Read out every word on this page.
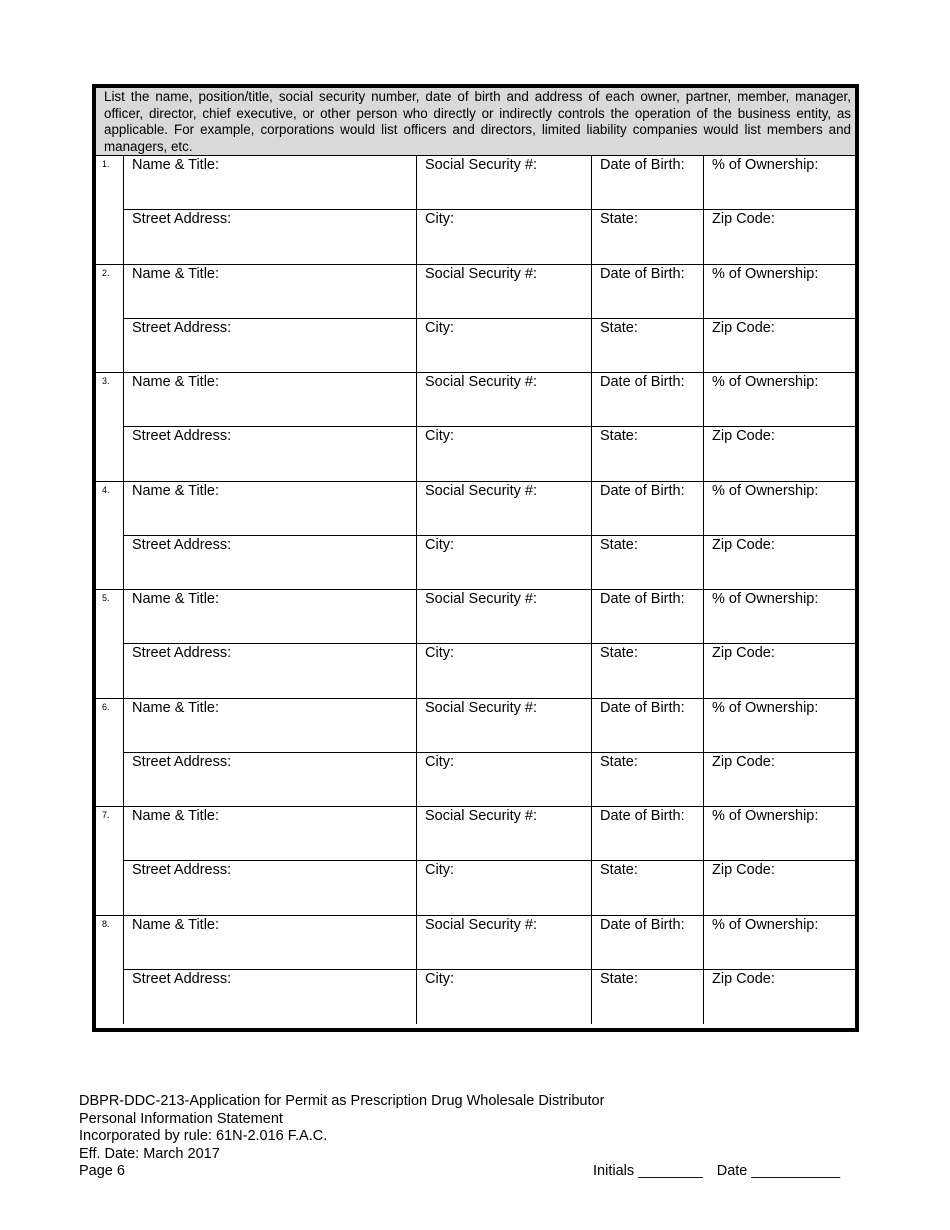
List the name, position/title, social security number, date of birth and address of each owner, partner, member, manager, officer, director, chief executive, or other person who directly or indirectly controls the operation of the business entity, as applicable. For example, corporations would list officers and directors, limited liability companies would list members and managers, etc.
1.	Name & Title:	Social Security #:	Date of Birth:	% of Ownership:
Street Address:	City:	State:	Zip Code:
2.	Name & Title:	Social Security #:	Date of Birth:	% of Ownership:
Street Address:	City:	State:	Zip Code:
3.	Name & Title:	Social Security #:	Date of Birth:	% of Ownership:
Street Address:	City:	State:	Zip Code:
4.	Name & Title:	Social Security #:	Date of Birth:	% of Ownership:
Street Address:	City:	State:	Zip Code:
5.	Name & Title:	Social Security #:	Date of Birth:	% of Ownership:
Street Address:	City:	State:	Zip Code:
6.	Name & Title:	Social Security #:	Date of Birth:	% of Ownership:
Street Address:	City:	State:	Zip Code:
7.	Name & Title:	Social Security #:	Date of Birth:	% of Ownership:
Street Address:	City:	State:	Zip Code:
8.	Name & Title:	Social Security #:	Date of Birth:	% of Ownership:
Street Address:	City:	State:	Zip Code:
DBPR-DDC-213-Application for Permit as Prescription Drug Wholesale Distributor
Personal Information Statement
Incorporated by rule: 61N-2.016 F.A.C.
Eff. Date: March 2017
Page 6	Initials ________ Date ___________
